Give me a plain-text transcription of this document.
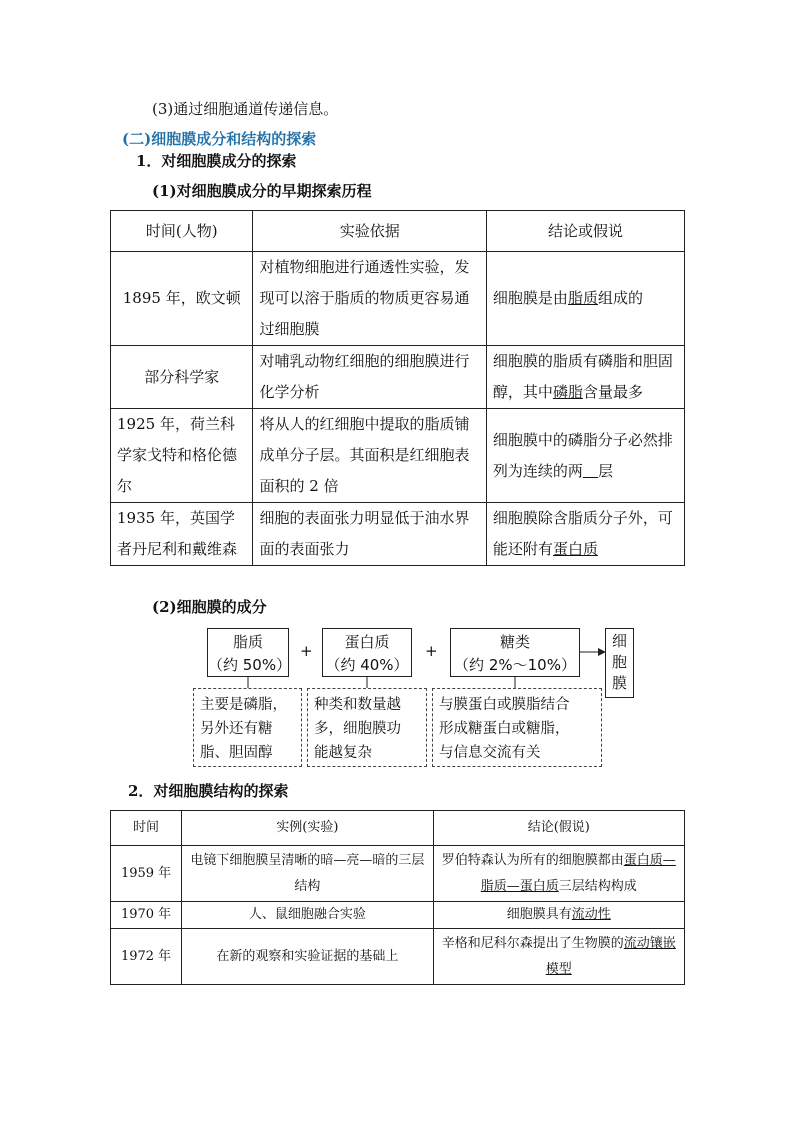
(3)通过细胞通道传递信息。
(二)细胞膜成分和结构的探索
1．对细胞膜成分的探索
(1)对细胞膜成分的早期探索历程
时间(人物)	实验依据	结论或假说
1895 年，欧文顿	对植物细胞进行通透性实验，发现可以溶于脂质的物质更容易通过细胞膜	细胞膜是由脂质组成的
部分科学家	对哺乳动物红细胞的细胞膜进行化学分析	细胞膜的脂质有磷脂和胆固醇，其中磷脂含量最多
1925 年，荷兰科学家戈特和格伦德尔	将从人的红细胞中提取的脂质铺成单分子层。其面积是红细胞表面积的 2 倍	细胞膜中的磷脂分子必然排列为连续的两　 层
1935 年，英国学者丹尼利和戴维森	细胞的表面张力明显低于油水界面的表面张力	细胞膜除含脂质分子外，可能还附有蛋白质
(2)细胞膜的成分
脂质
（约 50%）
+	蛋白质
（约 40%）
+	糖类
（约 2%～10%）
细
胞
膜
主要是磷脂，
另外还有糖
脂、胆固醇
种类和数量越
多，细胞膜功
能越复杂
与膜蛋白或膜脂结合
形成糖蛋白或糖脂，
与信息交流有关
2．对细胞膜结构的探索
时间	实例(实验)	结论(假说)
1959 年	电镜下细胞膜呈清晰的暗—亮—暗的三层结构	罗伯特森认为所有的细胞膜都由蛋白质—脂质—蛋白质三层结构构成
1970 年	人、鼠细胞融合实验	细胞膜具有流动性
1972 年	在新的观察和实验证据的基础上	辛格和尼科尔森提出了生物膜的流动镶嵌模型
